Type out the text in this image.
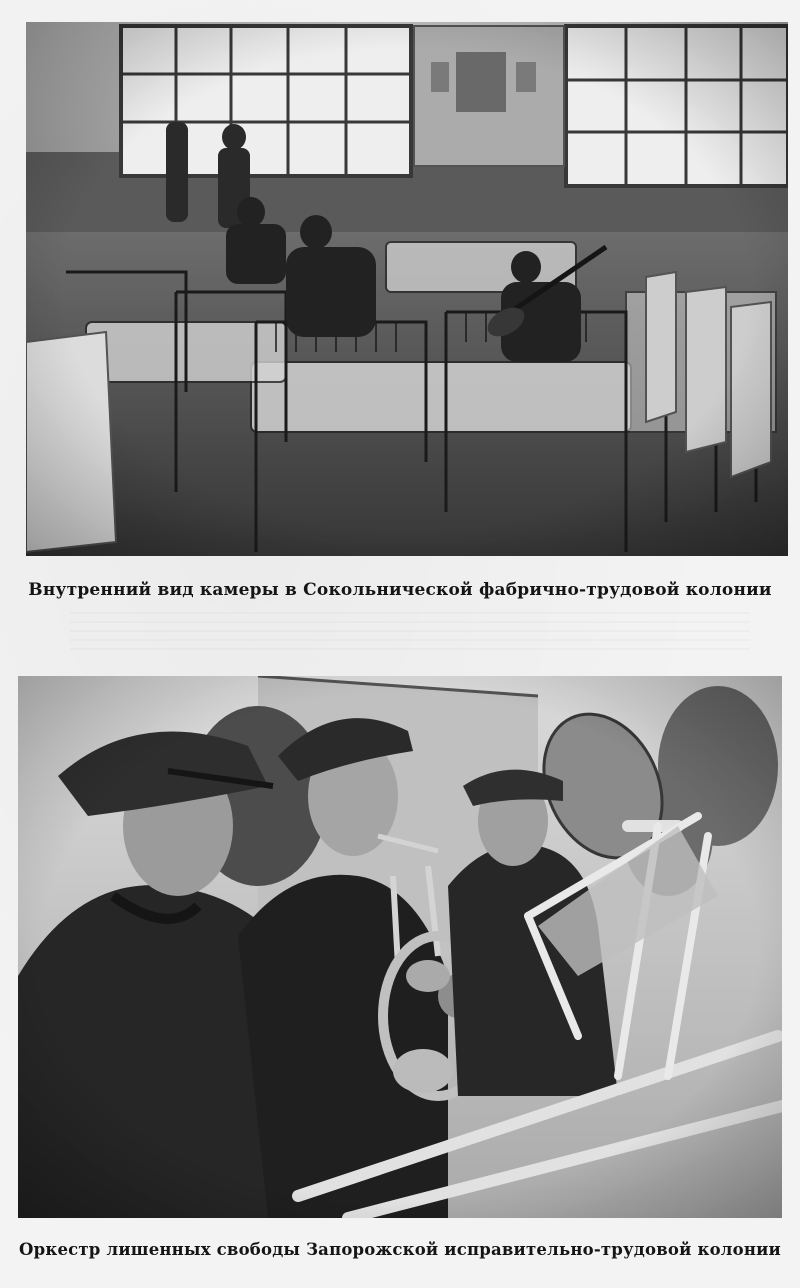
Внутренний вид камеры в Сокольнической фабрично-трудовой колонии
Оркестр лишенных свободы Запорожской исправительно-трудовой колонии
